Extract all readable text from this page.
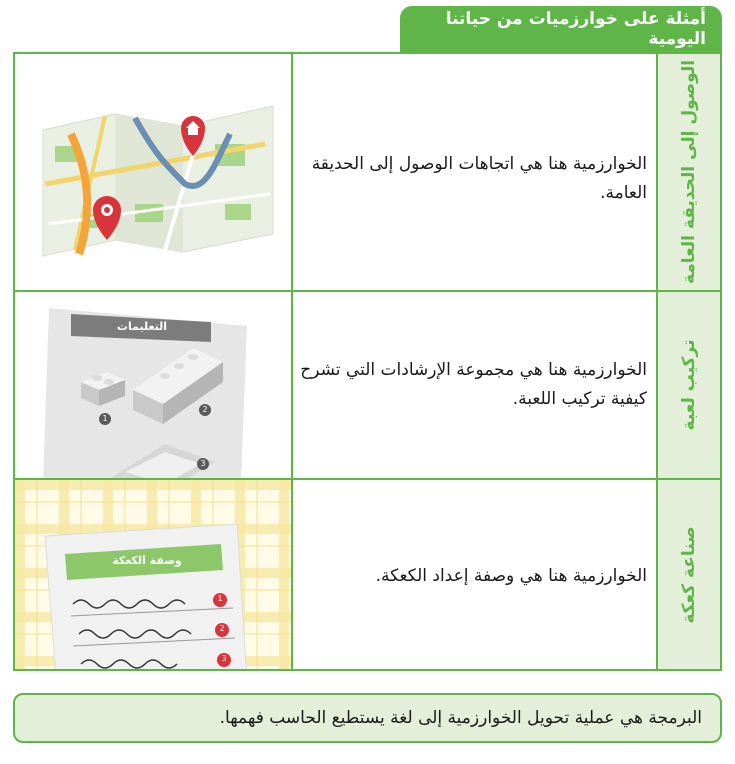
أمثلة على خوارزميات من حياتنا اليومية
الوصول إلى الحديقة العامة
الخوارزمية هنا هي اتجاهات الوصول إلى الحديقة العامة.
تركيب لعبة
الخوارزمية هنا هي مجموعة الإرشادات التي تشرح كيفية تركيب اللعبة.
التعليمات
1
2
3
صناعة كعكة
الخوارزمية هنا هي وصفة إعداد الكعكة.
وصفة الكعكة
1
2
3
البرمجة هي عملية تحويل الخوارزمية إلى لغة يستطيع الحاسب فهمها.
